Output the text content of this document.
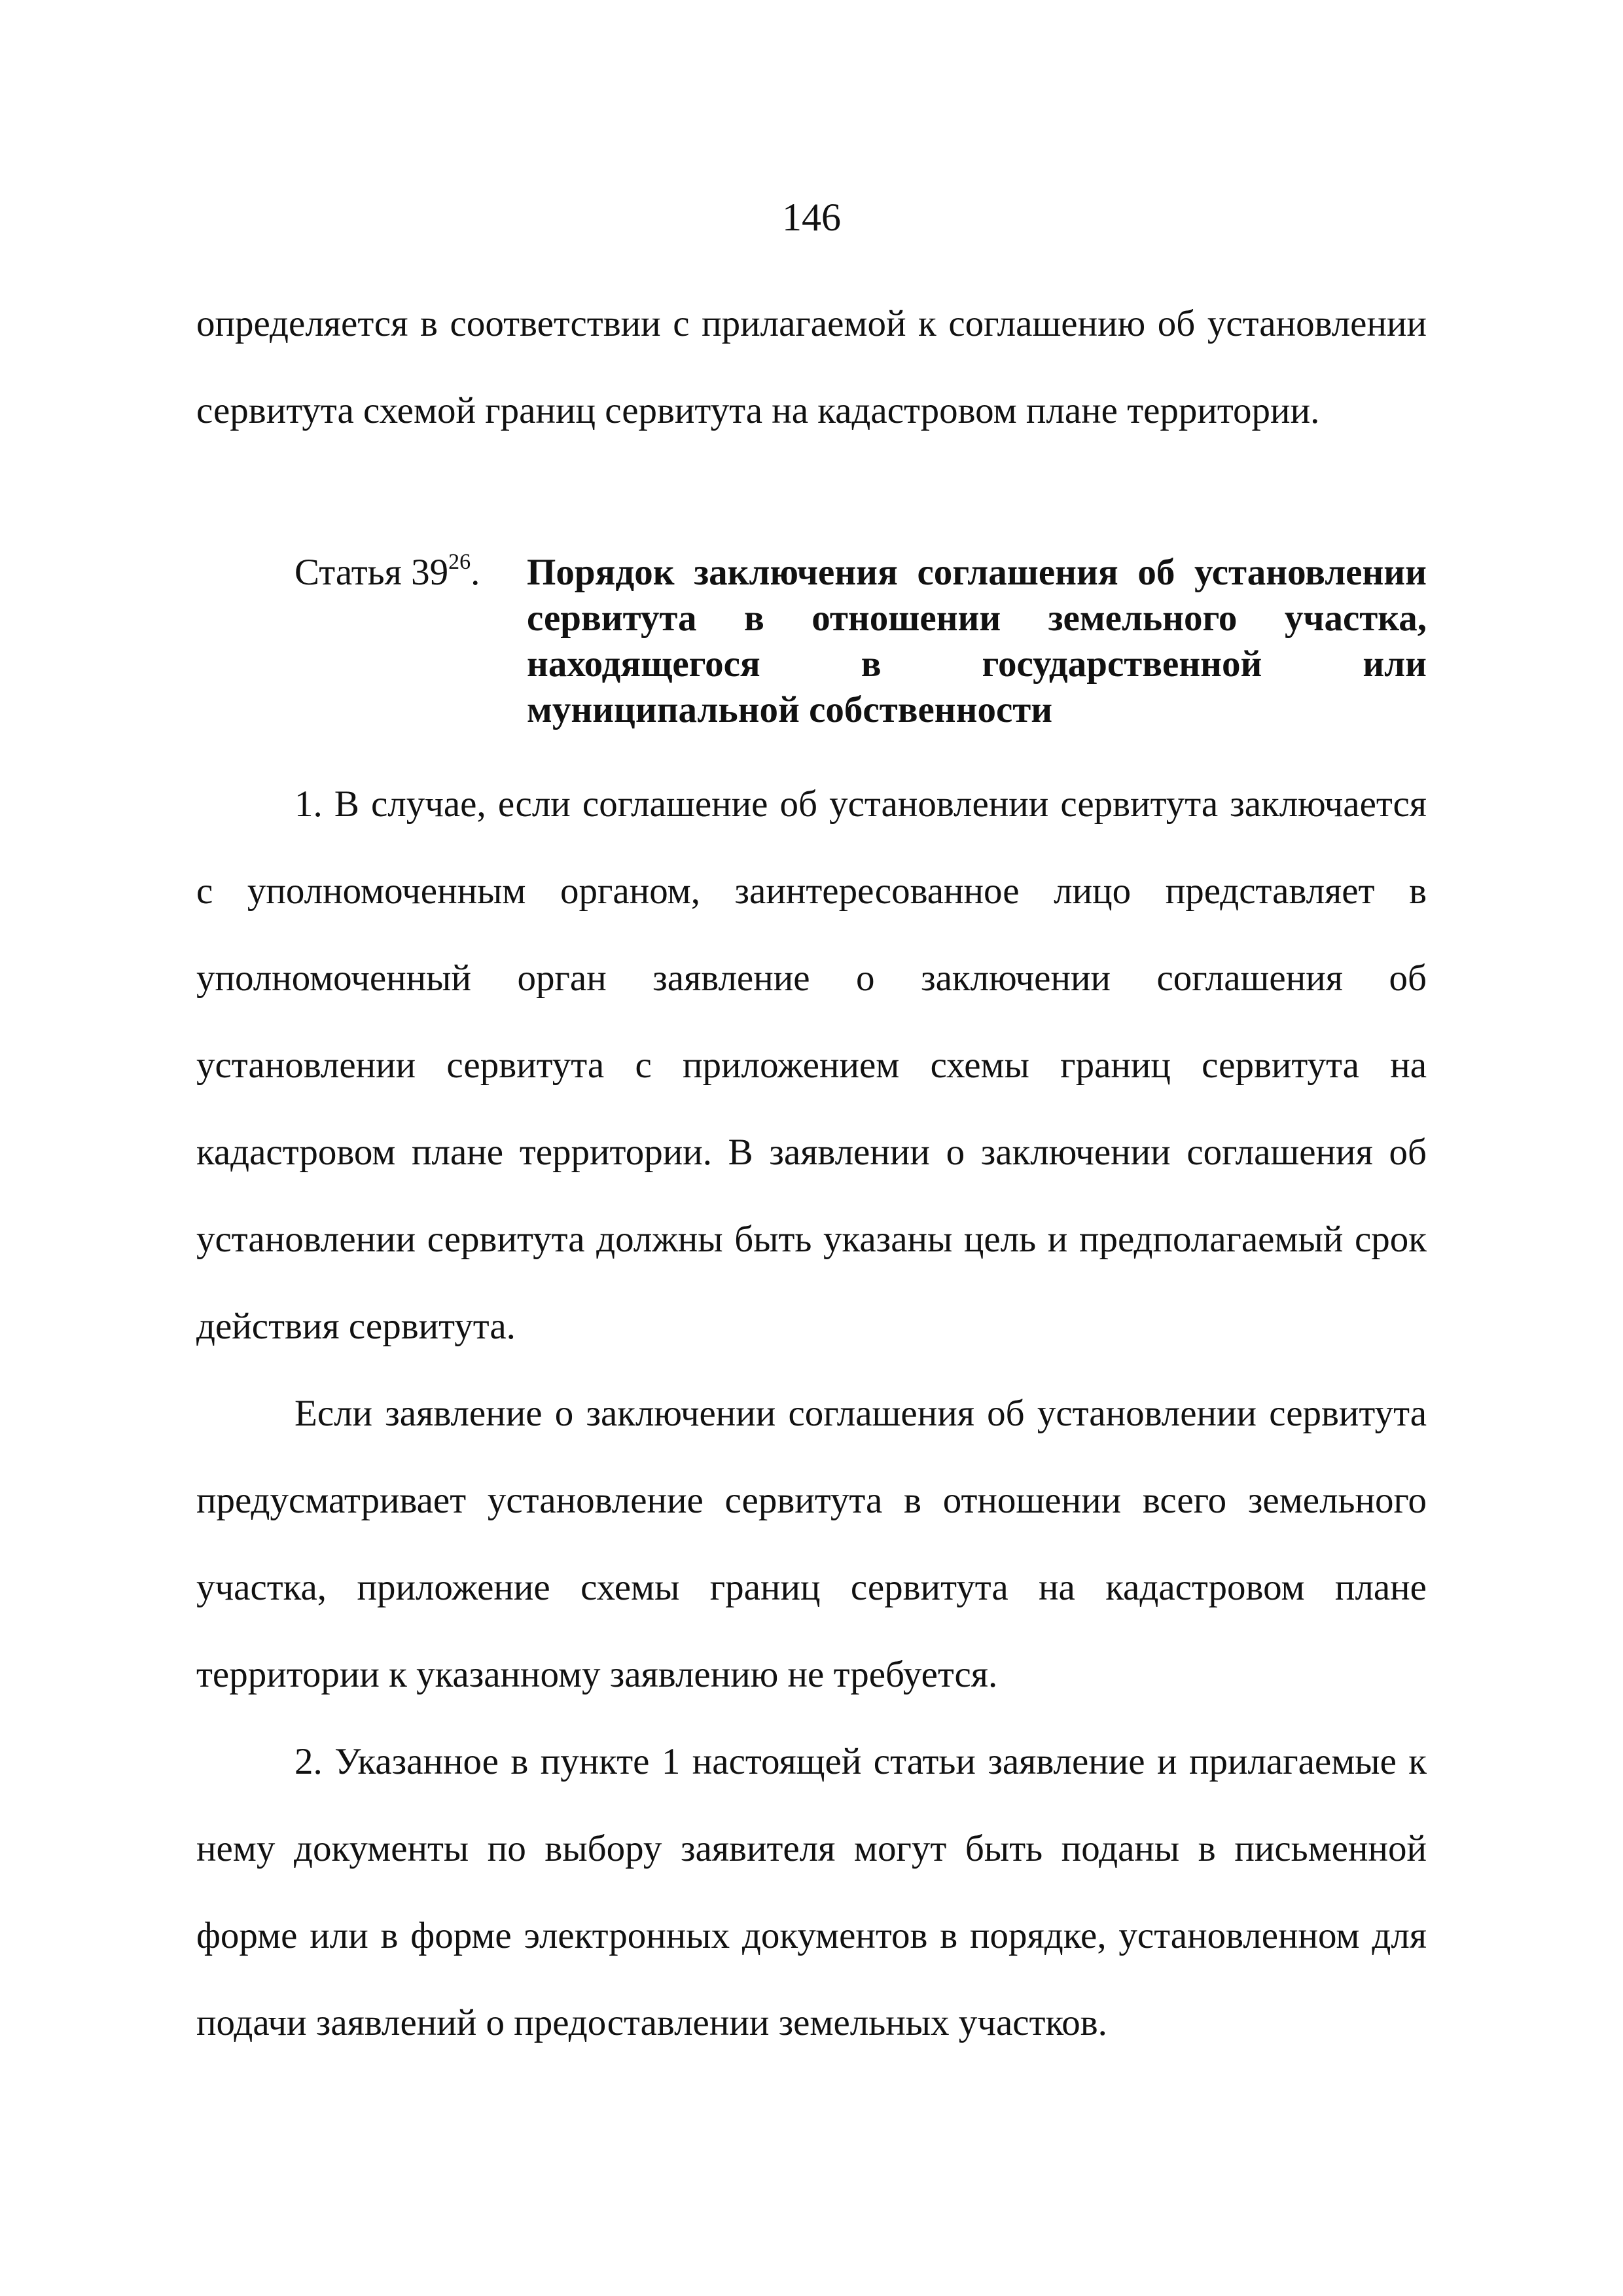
146

определяется в соответствии с прилагаемой к соглашению об установлении сервитута схемой границ сервитута на кадастровом плане территории.

Статья $39^{26}$. Порядок заключения соглашения об установлении сервитута в отношении земельного участка, находящегося в государственной или муниципальной собственности

1. В случае, если соглашение об установлении сервитута заключается с уполномоченным органом, заинтересованное лицо представляет в уполномоченный орган заявление о заключении соглашения об установлении сервитута с приложением схемы границ сервитута на кадастровом плане территории. В заявлении о заключении соглашения об установлении сервитута должны быть указаны цель и предполагаемый срок действия сервитута.

Если заявление о заключении соглашения об установлении сервитута предусматривает установление сервитута в отношении всего земельного участка, приложение схемы границ сервитута на кадастровом плане территории к указанному заявлению не требуется.

2. Указанное в пункте 1 настоящей статьи заявление и прилагаемые к нему документы по выбору заявителя могут быть поданы в письменной форме или в форме электронных документов в порядке, установленном для подачи заявлений о предоставлении земельных участков.
